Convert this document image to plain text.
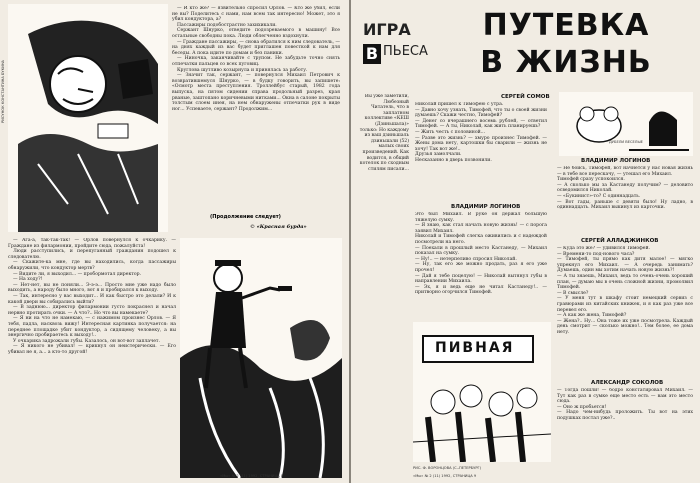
РИСУНОК КОНСТАНТИНА БУКИНА

— И кто же? — язвительно спросил Орлов. — Кто же убил, если не вы? Поделитесь с нами, нам всем так интересно! Может, это я убил кондуктора, а?

Пассажиры подобострастно захихикали.

Сержант Шнурко, отведите подозреваемого в машину! Все остальные свободны пока. Люди облегченно вздохнули.

— Граждане пассажиры, — снова обратился к ним следователь, — на днях каждый из вас будет приглашен повесткой к нам для беседы. А пока идите по домам и без паники.

— Ниночка, заканчивайте с трупом. Не забудьте точно снять отпечатки пальцев со всех пуговиц.

Круглова шутливо козырнула и принялась за работу.

— Значит так, сержант, — повернулся Михаил Петрович к возвратившемуся Шнурко, — в будку говорить, вы запишете: «Осмотр места преступления. Троллейбус старый, 1982 года выпуска, на пятом сидении справа продольный разрез, края рваные, заштопано коричневыми нитками... Окна в салоне покрыты толстым слоем инея, на нем обнаружены отпечатки рук в виде ног... Успеваете, сержант? Продолжим...

(Продолжение следует)
© «Красная бурда»

— Ага-а, так-так-так! — Орлов повернулся к очкарику. — Граждане из филармонии, пройдите сюда, пожалуйста!

Люди расступились, и перепуганный гражданин подошел к следователю.

— Скажите-ка мне, где вы находились, когда пассажиры обнаружили, что кондуктор мертв?

— Видите ли, я выходил... — пробормотал директор.

— На ходу?!

— Нет-нет, вы не поняли... Э-э-э... Просто мне уже надо было выходить, а народу было много, вот я и пробирался к выходу.

— Так, интересно у вас выходит... И как быстро это делали? И к какой двери вы собирались выйти?

— В заднюю... директор филармонии густо покраснел и начал нервно протирать очки. — А что?.. Но что вы намекаете?

— Я ни на что не намекаю, — с нажимом произнес Орлов. — Я тебя, падла, насквозь вижу! Интересная картинка получается: на переднее площадке убит кондуктор, а сидящему человеку, а вы энергично пробираетесь к выходу!..

У очкарика задрожали губы. Казалось, он вот-вот заплачет.

— Я никого не убивал! — крикнул он неистерически. — Его убивал не я, а... а кто-то другой!

ИГРА
В ПЬЕСА
ПУТЕВКА
В ЖИЗНЬ
Вы уже заметили, Любезный Читатель, что в заплатном коллективе «КЕШ (Дзиньшала)» только: Но каждому из ваш дзиньшаль дзиньшали (52) малых своих произведений. Как водится, в общий котелок по сходным стилям писали...
СЕРГЕЙ СОМОВ
Николай пришел к Тимофею с утра.
— Давно хочу узнать, Тимофей, что ты о своей жизни думаешь? Скажи честно, Тимофей?
— Денег со вчерашнего восемь рублей, — ответил Тимофей. — А ты, Николай, как жить планируешь?
— Жить честь с половиной...
— Разве это жизнь? — хмуро произнес Тимофей. — Жены дома нету, картошки бы сварили — жизнь не хочу! Так вот же!..
Друзья замолчали.
Несказанно в дверь позвонили.
ДУБЕЛИ ВЕСЕЛЫЕ
ВЛАДИМИР ЛОГИНОВ
Это был Михаил. В руке он держал большую тяжелую сумку.
— Я знаю, как стал начать новую жизнь! — с порога заявил Михаил.
Николай и Тимофей слегка оживились и с надеждой посмотрели на него.
— Поехали в прошлый место Кастанеду, — Михаил показал на сумку.
— Ну!.. — нетерпеливо спросил Николай.
— Ну, так его же можно продать, раз я его уже прочел!
— Дай я тебе поцелую! — Николай вытянул губы в направлении Михаила.
— Эх, я и ведь еще не читал Кастанеду!.. — притворно огорчился Тимофей.
ВЛАДИМИР ЛОГИНОВ
— Не боись, Тимофей, вот начнется у нас новая жизнь — в тебе все перескачу, — утешал его Михаил.
Тимофей сразу успокоился.
— А сколько мы за Кастанеду получим? — деловито осведомился Николай.
— «Букинист»-то? С одиннадцать.
— Вот гады, раньше с девяти было! Ну ладно, в одиннадцать. Михаил выкинул из карточки.
СЕРГЕЙ АЛЛАДЖИНКОВ
— Куда это же? — удивился Тимофей.
— Времени-то под-нового часа?
— Тимофей, ты прямо как дитя малое! — мягко упрекнул его Михаил. — А очередь занимать? Думаешь, один мы хотим начать новую жизнь?!
— А ты знаешь, Михаил, ведь то очень-очень хороший план, — думаю мы в очень сложной жизни, промолвил Тимофей.
— В смысле?
— У меня тут в шкафу стоит немецкий сервиз с гравюрами из китайских книжек, и я как раз уже все перевел его.
— А как же жена, Тимофей?
— Жена?.. Ну... Она тоже их уже посмотрела. Каждый день смотрит — сколько можно!.. Тем более, ее дома нету.
ПИВНАЯ
АЛЕКСАНДР СОКОЛОВ
— Тогда пошли! — бодро констатировал Михаил. — Тут как раз в сумке еще место есть — вам это место сюда.
— Оно ж пробьется!
— Надо чем-нибудь проложить. Ты вот на этих подушках постал уже?..
РИС. Ф. ВОРОНЦОВА (С.-ПЕТЕРБУРГ)
«Мы» № 2 (11) 1992, СТРАНИЦА 9
«Мы» № 2 (11) 1992, СТРАНИЦА 8
